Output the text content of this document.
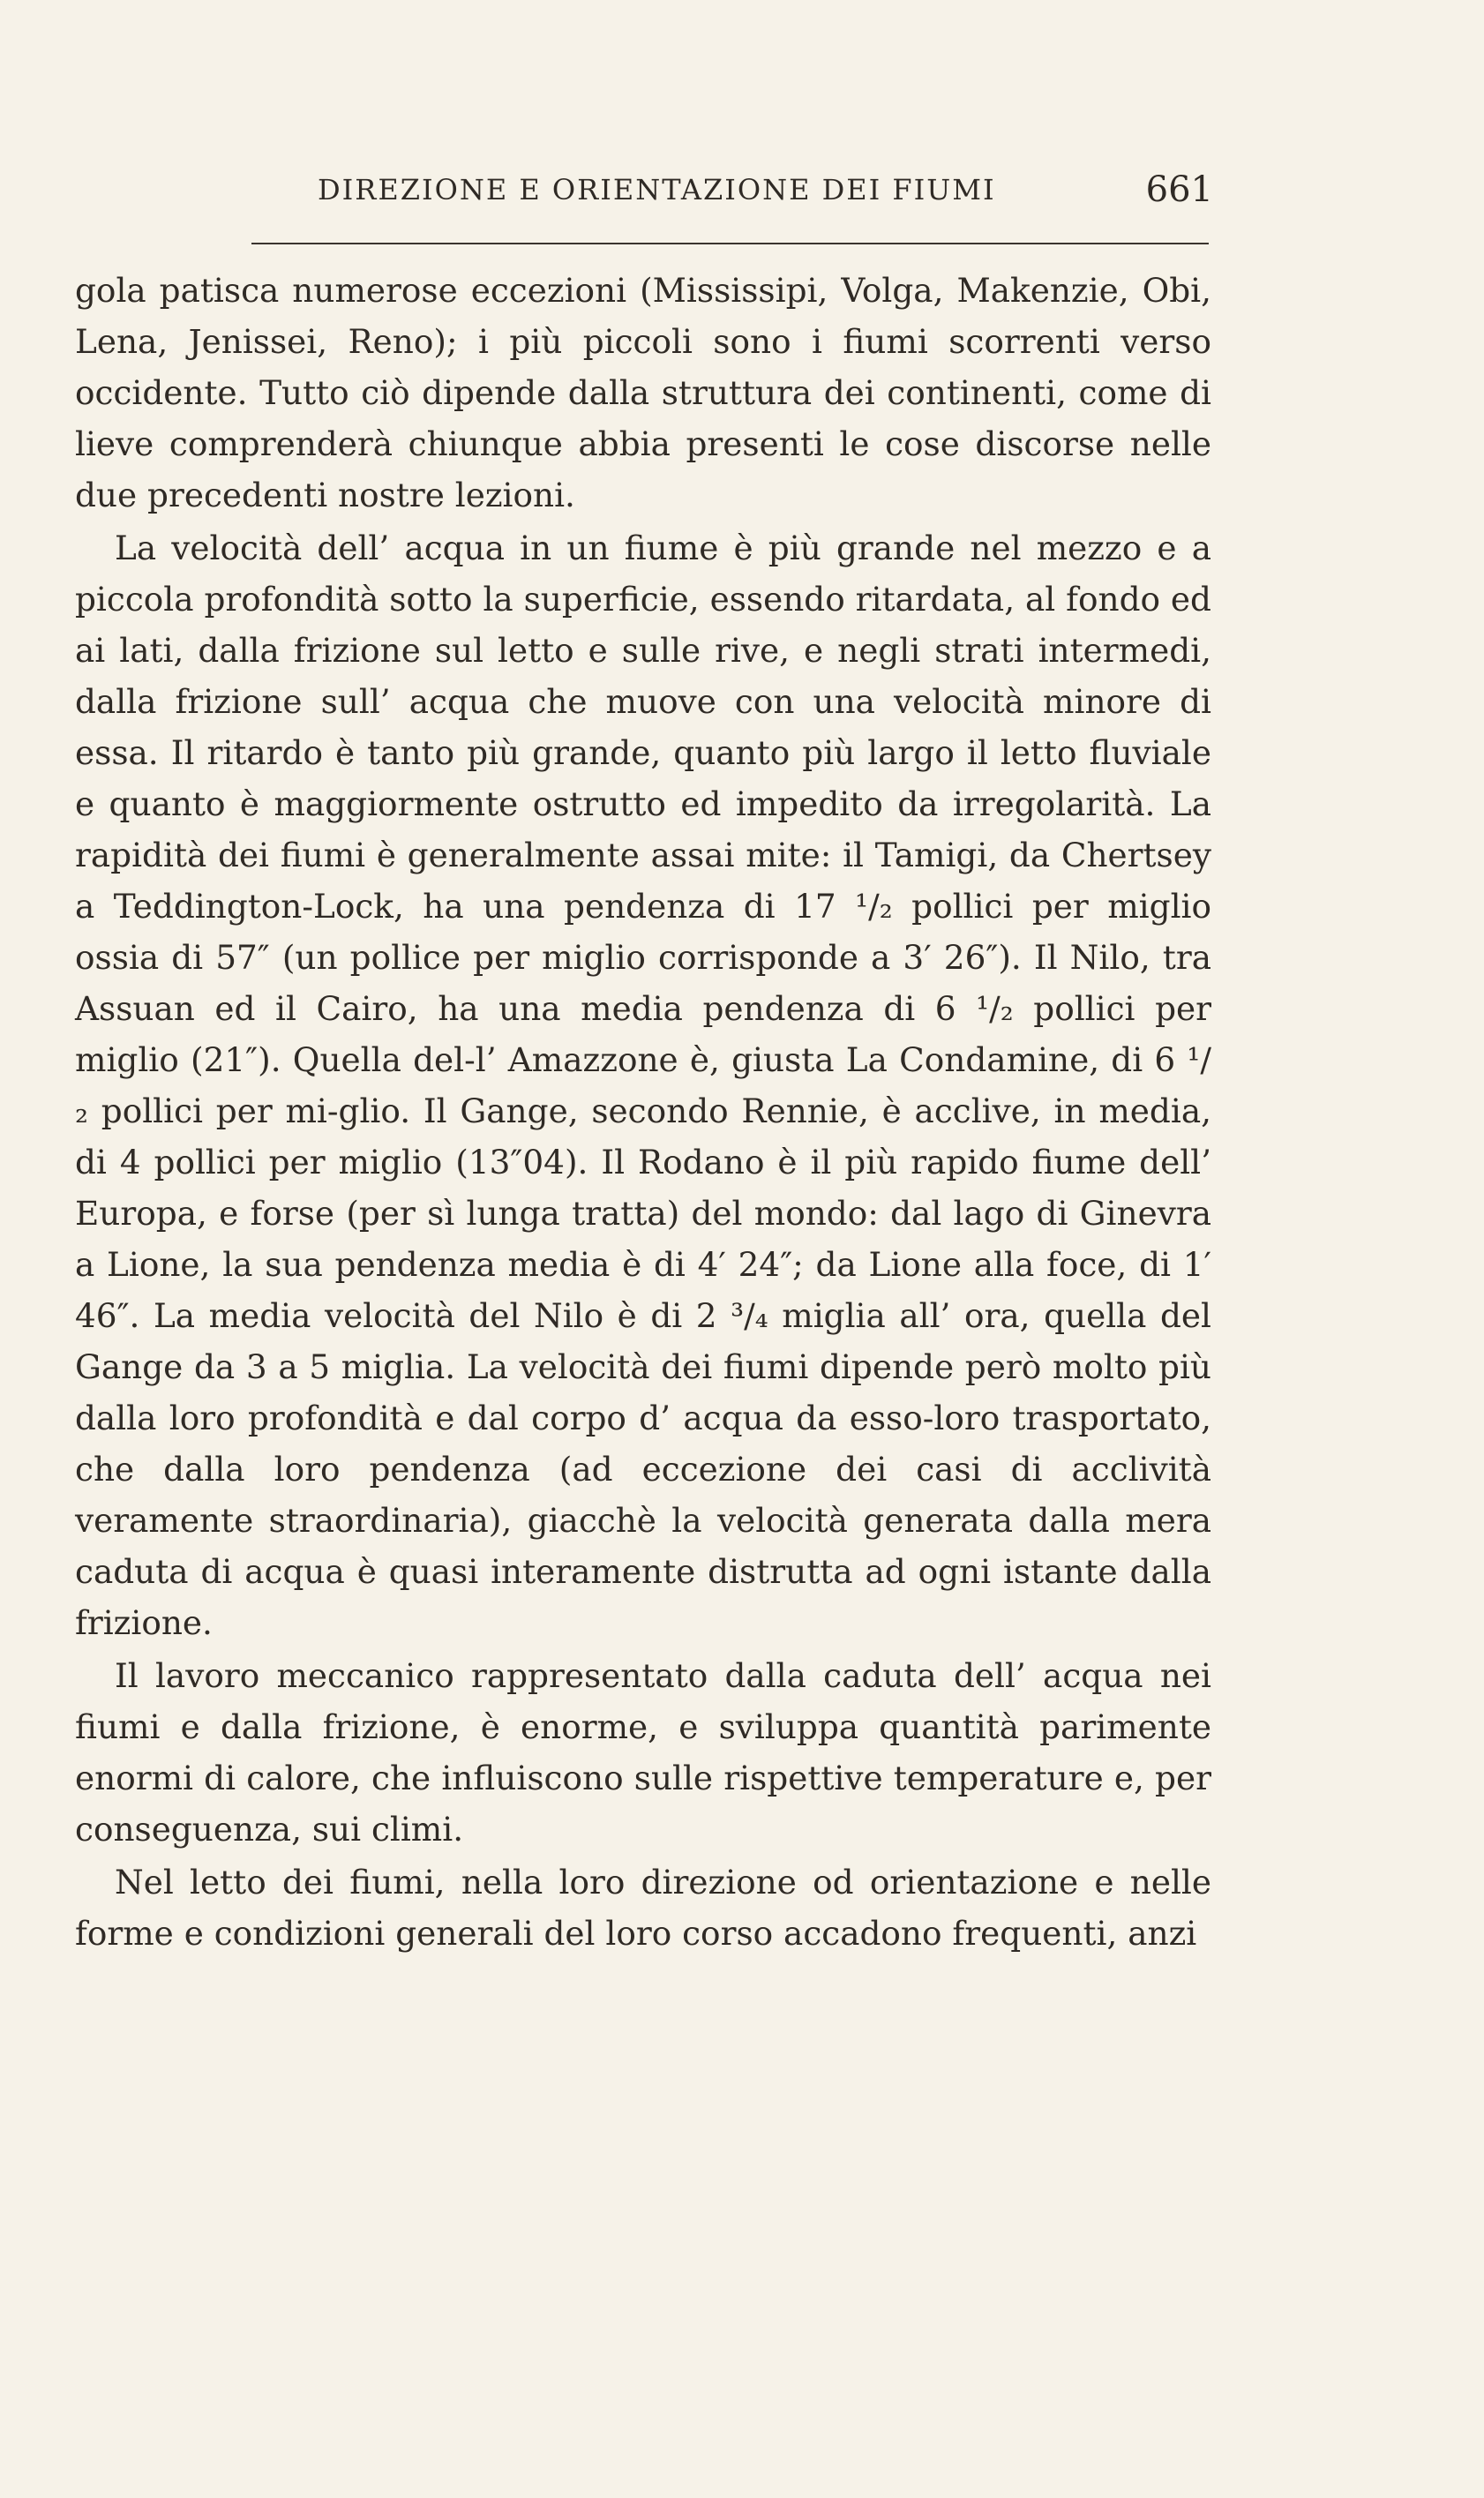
DIREZIONE E ORIENTAZIONE DEI FIUMI	661

gola patisca numerose eccezioni (Mississipi, Volga, Makenzie, Obi, Lena, Jenissei, Reno); i più piccoli sono i fiumi scorrenti verso occidente. Tutto ciò dipende dalla struttura dei continenti, come di lieve comprenderà chiunque abbia presenti le cose discorse nelle due precedenti nostre lezioni.

La velocità dell’ acqua in un fiume è più grande nel mezzo e a piccola profondità sotto la superficie, essendo ritardata, al fondo ed ai lati, dalla frizione sul letto e sulle rive, e negli strati intermedi, dalla frizione sull’ acqua che muove con una velocità minore di essa. Il ritardo è tanto più grande, quanto più largo il letto fluviale e quanto è maggiormente ostrutto ed impedito da irregolarità. La rapidità dei fiumi è generalmente assai mite: il Tamigi, da Chertsey a Teddington-Lock, ha una pendenza di 17 ¹/₂ pollici per miglio ossia di 57″ (un pollice per miglio corrisponde a 3′ 26″). Il Nilo, tra Assuan ed il Cairo, ha una media pendenza di 6 ¹/₂ pollici per miglio (21″). Quella del-l’ Amazzone è, giusta La Condamine, di 6 ¹/₂ pollici per mi-glio. Il Gange, secondo Rennie, è acclive, in media, di 4 pollici per miglio (13″04). Il Rodano è il più rapido fiume dell’ Europa, e forse (per sì lunga tratta) del mondo: dal lago di Ginevra a Lione, la sua pendenza media è di 4′ 24″; da Lione alla foce, di 1′ 46″. La media velocità del Nilo è di 2 ³/₄ miglia all’ ora, quella del Gange da 3 a 5 miglia. La velocità dei fiumi dipende però molto più dalla loro profondità e dal corpo d’ acqua da esso-loro trasportato, che dalla loro pendenza (ad eccezione dei casi di acclività veramente straordinaria), giacchè la velocità generata dalla mera caduta di acqua è quasi interamente distrutta ad ogni istante dalla frizione.

Il lavoro meccanico rappresentato dalla caduta dell’ acqua nei fiumi e dalla frizione, è enorme, e sviluppa quantità parimente enormi di calore, che influiscono sulle rispettive temperature e, per conseguenza, sui climi.

Nel letto dei fiumi, nella loro direzione od orientazione e nelle forme e condizioni generali del loro corso accadono frequenti, anzi
